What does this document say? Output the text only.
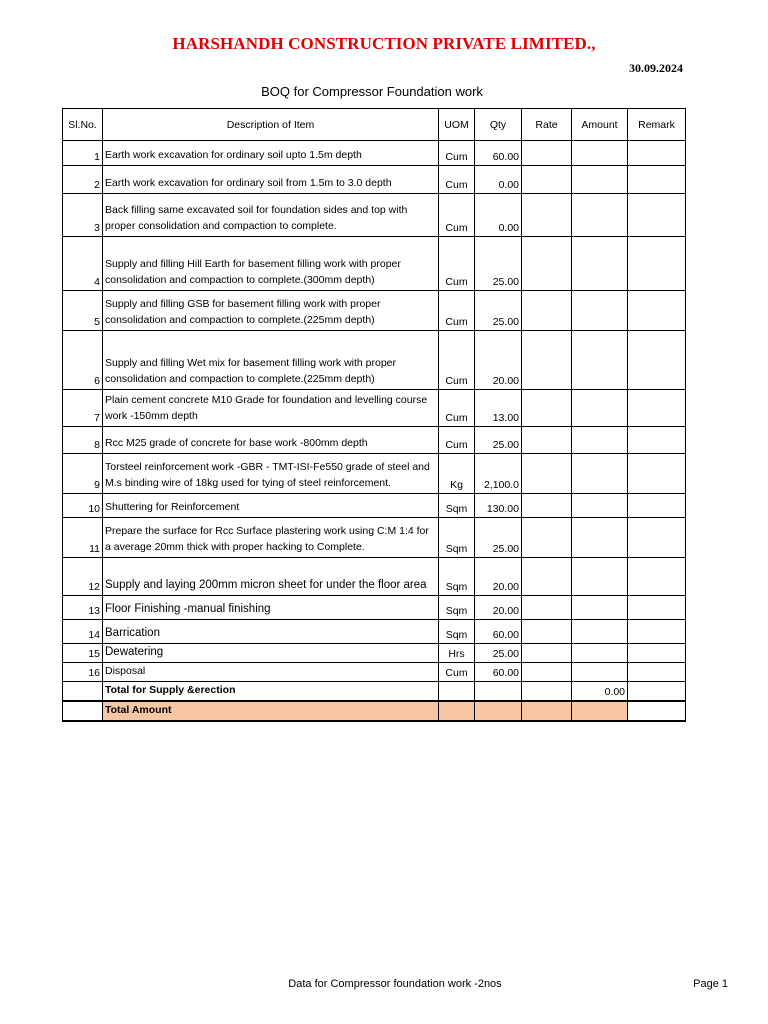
HARSHANDH CONSTRUCTION PRIVATE LIMITED.,
30.09.2024
BOQ for Compressor Foundation work
Sl.No.	Description of Item	UOM	Qty	Rate	Amount	Remark
1	Earth work excavation for ordinary soil upto 1.5m depth	Cum	60.00			
2	Earth work excavation for ordinary soil from 1.5m to 3.0 depth	Cum	0.00			
3	Back filling same excavated soil for foundation sides and top with proper consolidation and compaction to complete.	Cum	0.00			
4	Supply and filling Hill Earth for basement filling work with proper consolidation and compaction to complete.(300mm depth)	Cum	25.00			
5	Supply and filling GSB for basement filling work with proper consolidation and compaction to complete.(225mm depth)	Cum	25.00			
6	Supply and filling Wet mix for basement filling work with proper consolidation and compaction to complete.(225mm depth)	Cum	20.00			
7	Plain cement concrete M10 Grade for foundation and levelling course work -150mm depth	Cum	13.00			
8	Rcc M25 grade of concrete for base work -800mm depth	Cum	25.00			
9	Torsteel reinforcement work -GBR - TMT-ISI-Fe550 grade of steel and M.s binding wire of 18kg used for tying of steel reinforcement.	Kg	2,100.0			
10	Shuttering for Reinforcement	Sqm	130.00			
11	Prepare the surface for Rcc Surface plastering work using C:M 1:4 for a average 20mm thick with proper hacking to Complete.	Sqm	25.00			
12	Supply and laying 200mm micron sheet for under the floor area	Sqm	20.00			
13	Floor Finishing -manual finishing	Sqm	20.00			
14	Barrication	Sqm	60.00			
15	Dewatering	Hrs	25.00			
16	Disposal	Cum	60.00			
	Total for Supply &erection				0.00	
	Total Amount					
Data for Compressor foundation work -2nos	Page 1
